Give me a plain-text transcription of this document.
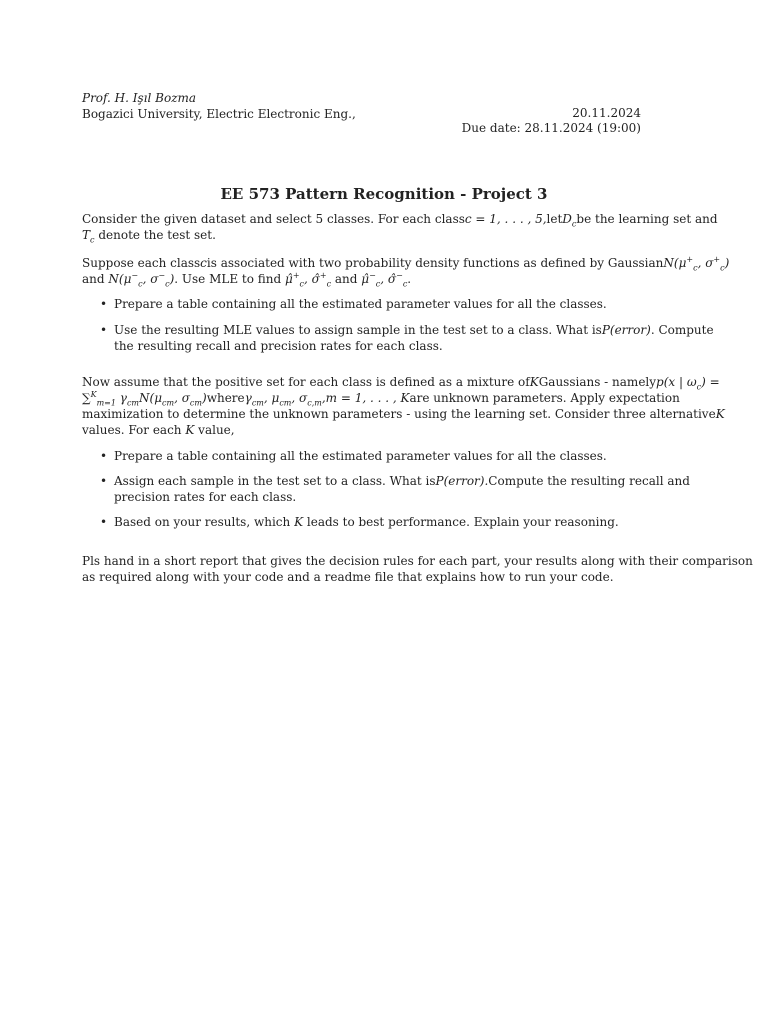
Prof. H. Işıl Bozma
Bogazici University, Electric Electronic Eng.,	20.11.2024
Due date: 28.11.2024 (19:00)
EE 573 Pattern Recognition - Project 3
Consider the given dataset and select 5 classes. For each class c = 1, . . . , 5, let $D_c$ be the learning set and
$T_c$ denote the test set.
Suppose each class c is associated with two probability density functions as defined by Gaussian $N(\mu^+_c$, $\sigma^+_c$)
and $N(\mu^-_c$, $\sigma^-_c$). Use MLE to find $\mû^+_c$, $\sigmâ^+_c$ and $\mû^-_c$, $\sigmâ^-_c$.
• Prepare a table containing all the estimated parameter values for all the classes.
• Use the resulting MLE values to assign sample in the test set to a class. What is P(error). Compute
the resulting recall and precision rates for each class.
Now assume that the positive set for each class is defined as a mixture of K Gaussians - namely p(x | $\omega_c$) =
∑$^K_{m=1}$ $\gamma_{cm}N(\mu_{cm}$, $\sigma_{cm}$) where $\gamma_{cm}$, $\mu_{cm}$, $\sigma_{c,m},m = 1$, . . . , K are unknown parameters. Apply expectation
maximization to determine the unknown parameters - using the learning set. Consider three alternative K
values. For each K value,
• Prepare a table containing all the estimated parameter values for all the classes.
• Assign each sample in the test set to a class. What is P(error). Compute the resulting recall and
precision rates for each class.
• Based on your results, which K leads to best performance. Explain your reasoning.
Pls hand in a short report that gives the decision rules for each part, your results along with their comparison
as required along with your code and a readme file that explains how to run your code.
